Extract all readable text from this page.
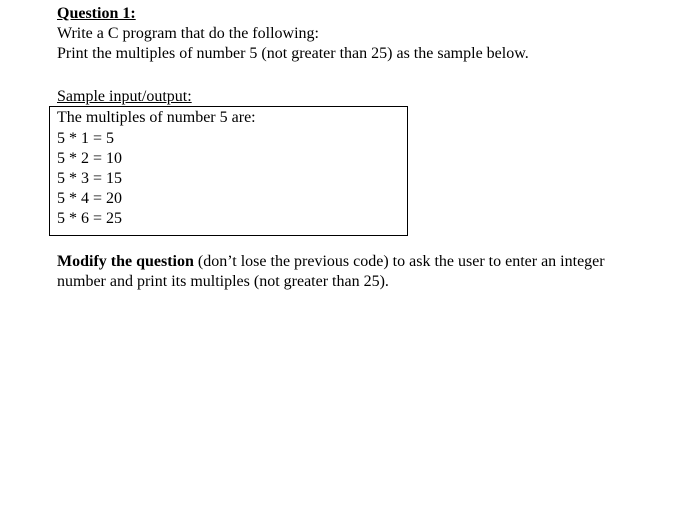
Question 1:
Write a C program that do the following:
Print the multiples of number 5 (not greater than 25) as the sample below.
Sample input/output:
The multiples of number 5 are:
5 * 1 = 5
5 * 2 = 10
5 * 3 = 15
5 * 4 = 20
5 * 6 = 25
Modify the question (don’t lose the previous code) to ask the user to enter an integer number and print its multiples (not greater than 25).
